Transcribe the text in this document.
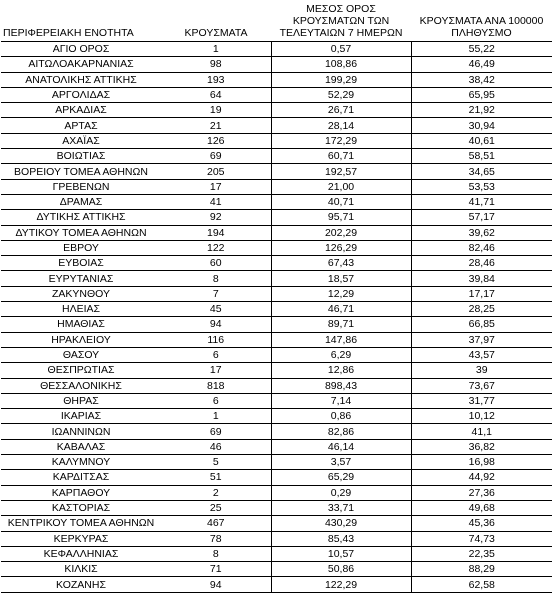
ΠΕΡΙΦΕΡΕΙΑΚΗ ΕΝΟΤΗΤΑ	ΚΡΟΥΣΜΑΤΑ	ΜΕΣΟΣ ΟΡΟΣ
ΚΡΟΥΣΜΑΤΩΝ ΤΩΝ
ΤΕΛΕΥΤΑΙΩΝ 7 ΗΜΕΡΩΝ	ΚΡΟΥΣΜΑΤΑ ΑΝΑ 100000
ΠΛΗΘΥΣΜΟ

ΑΓΙΟ ΟΡΟΣ	1	0,57	55,22
ΑΙΤΩΛΟΑΚΑΡΝΑΝΙΑΣ	98	108,86	46,49
ΑΝΑΤΟΛΙΚΗΣ ΑΤΤΙΚΗΣ	193	199,29	38,42
ΑΡΓΟΛΙΔΑΣ	64	52,29	65,95
ΑΡΚΑΔΙΑΣ	19	26,71	21,92
ΑΡΤΑΣ	21	28,14	30,94
ΑΧΑΪΑΣ	126	172,29	40,61
ΒΟΙΩΤΙΑΣ	69	60,71	58,51
ΒΟΡΕΙΟΥ ΤΟΜΕΑ ΑΘΗΝΩΝ	205	192,57	34,65
ΓΡΕΒΕΝΩΝ	17	21,00	53,53
ΔΡΑΜΑΣ	41	40,71	41,71
ΔΥΤΙΚΗΣ ΑΤΤΙΚΗΣ	92	95,71	57,17
ΔΥΤΙΚΟΥ ΤΟΜΕΑ ΑΘΗΝΩΝ	194	202,29	39,62
ΕΒΡΟΥ	122	126,29	82,46
ΕΥΒΟΙΑΣ	60	67,43	28,46
ΕΥΡΥΤΑΝΙΑΣ	8	18,57	39,84
ΖΑΚΥΝΘΟΥ	7	12,29	17,17
ΗΛΕΙΑΣ	45	46,71	28,25
ΗΜΑΘΙΑΣ	94	89,71	66,85
ΗΡΑΚΛΕΙΟΥ	116	147,86	37,97
ΘΑΣΟΥ	6	6,29	43,57
ΘΕΣΠΡΩΤΙΑΣ	17	12,86	39
ΘΕΣΣΑΛΟΝΙΚΗΣ	818	898,43	73,67
ΘΗΡΑΣ	6	7,14	31,77
ΙΚΑΡΙΑΣ	1	0,86	10,12
ΙΩΑΝΝΙΝΩΝ	69	82,86	41,1
ΚΑΒΑΛΑΣ	46	46,14	36,82
ΚΑΛΥΜΝΟΥ	5	3,57	16,98
ΚΑΡΔΙΤΣΑΣ	51	65,29	44,92
ΚΑΡΠΑΘΟΥ	2	0,29	27,36
ΚΑΣΤΟΡΙΑΣ	25	33,71	49,68
ΚΕΝΤΡΙΚΟΥ ΤΟΜΕΑ ΑΘΗΝΩΝ	467	430,29	45,36
ΚΕΡΚΥΡΑΣ	78	85,43	74,73
ΚΕΦΑΛΛΗΝΙΑΣ	8	10,57	22,35
ΚΙΛΚΙΣ	71	50,86	88,29
ΚΟΖΑΝΗΣ	94	122,29	62,58
